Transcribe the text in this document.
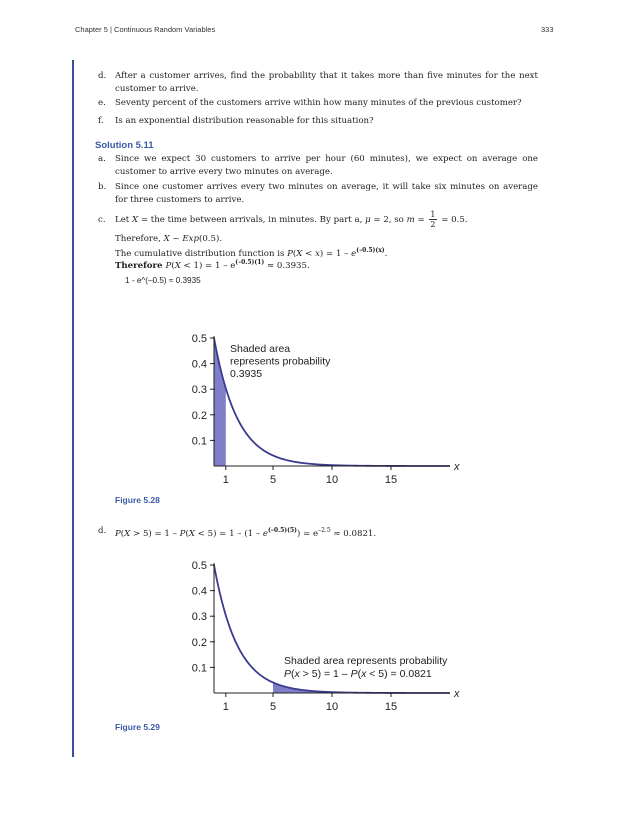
Chapter 5 | Continuous Random Variables	333
d. After a customer arrives, find the probability that it takes more than five minutes for the next customer to arrive.
e. Seventy percent of the customers arrive within how many minutes of the previous customer?
f. Is an exponential distribution reasonable for this situation?
Solution 5.11
a. Since we expect 30 customers to arrive per hour (60 minutes), we expect on average one customer to arrive every two minutes on average.
b. Since one customer arrives every two minutes on average, it will take six minutes on average for three customers to arrive.
c. Let X = the time between arrivals, in minutes. By part a, μ = 2, so $m = \frac{1}{2} = 0.5$.
Therefore, X ~ Exp(0.5).
The cumulative distribution function is $P(X < x) = 1 - e^{(-0.5)(x)}$.
Therefore $P(X < 1) = 1 - e^{(-0.5)(1)} \approx 0.3935$.
1 - e^(–0.5) ≈ 0.3935
0.1
0.2
0.3
0.4
0.5
1	5	10	15
x
Shaded area
represents probability
0.3935
Figure 5.28
d. $P(X > 5) = 1 - P(X < 5) = 1 - (1 - e^{(-0.5)(5)}) = e^{-2.5} \approx 0.0821$.
0.1
0.2
0.3
0.4
0.5
1	5	10	15
x
Shaded area represents probability
P(x > 5) = 1 – P(x < 5) = 0.0821
Figure 5.29
